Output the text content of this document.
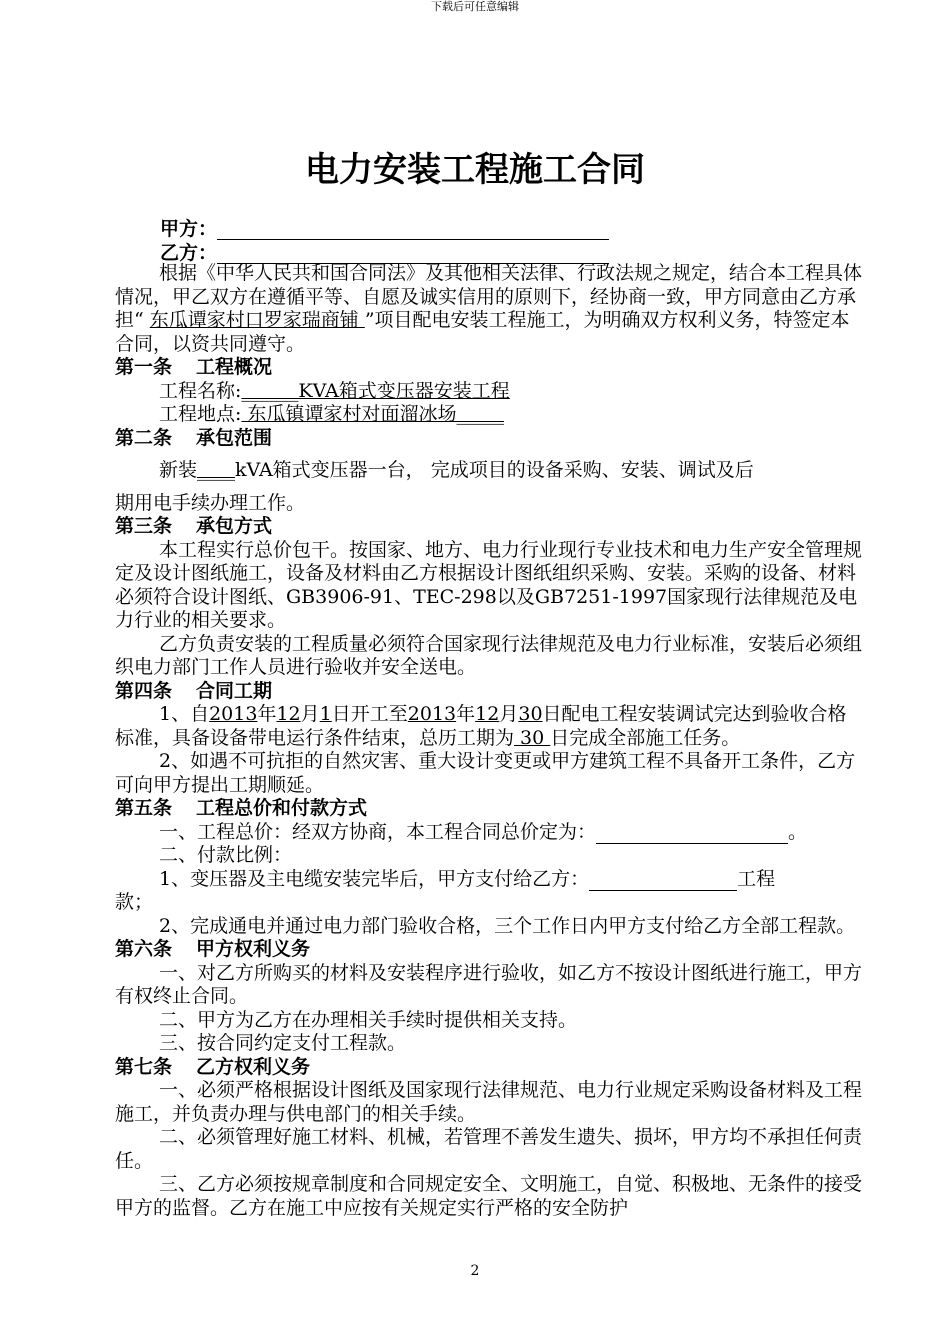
下载后可任意编辑
电力安装工程施工合同
甲方：
乙方：

根据《中华人民共和国合同法》及其他相关法律、行政法规之规定，结合本工程具体情况，甲乙双方在遵循平等、自愿及诚实信用的原则下，经协商一致，甲方同意由乙方承担“ 东瓜谭家村口罗家瑞商铺 ”项目配电安装工程施工，为明确双方权利义务，特签定本合同，以资共同遵守。

第一条 工程概况

工程名称:______KVA箱式变压器安装工程

工程地点: 东瓜镇谭家村对面溜冰场_____

第二条 承包范围

新装____kVA箱式变压器一台， 完成项目的设备采购、安装、调试及后

期用电手续办理工作。

第三条 承包方式

本工程实行总价包干。按国家、地方、电力行业现行专业技术和电力生产安全管理规定及设计图纸施工，设备及材料由乙方根据设计图纸组织采购、安装。采购的设备、材料必须符合设计图纸、GB3906-91、TEC-298以及GB7251-1997国家现行法律规范及电力行业的相关要求。

乙方负责安装的工程质量必须符合国家现行法律规范及电力行业标准，安装后必须组织电力部门工作人员进行验收并安全送电。

第四条 合同工期

1、自2013年12月1日开工至2013年12月30日配电工程安装调试完达到验收合格标准，具备设备带电运行条件结束，总历工期为 30 日完成全部施工任务。

2、如遇不可抗拒的自然灾害、重大设计变更或甲方建筑工程不具备开工条件，乙方可向甲方提出工期顺延。

第五条 工程总价和付款方式

一、工程总价：经双方协商，本工程合同总价定为：	。

二、付款比例：

1、变压器及主电缆安装完毕后，甲方支付给乙方：	工程

款；

2、完成通电并通过电力部门验收合格，三个工作日内甲方支付给乙方全部工程款。

第六条 甲方权利义务

一、对乙方所购买的材料及安装程序进行验收，如乙方不按设计图纸进行施工，甲方有权终止合同。

二、甲方为乙方在办理相关手续时提供相关支持。

三、按合同约定支付工程款。

第七条 乙方权利义务

一、必须严格根据设计图纸及国家现行法律规范、电力行业规定采购设备材料及工程施工，并负责办理与供电部门的相关手续。

二、必须管理好施工材料、机械，若管理不善发生遗失、损坏，甲方均不承担任何责任。

三、乙方必须按规章制度和合同规定安全、文明施工，自觉、积极地、无条件的接受甲方的监督。乙方在施工中应按有关规定实行严格的安全防护

2
